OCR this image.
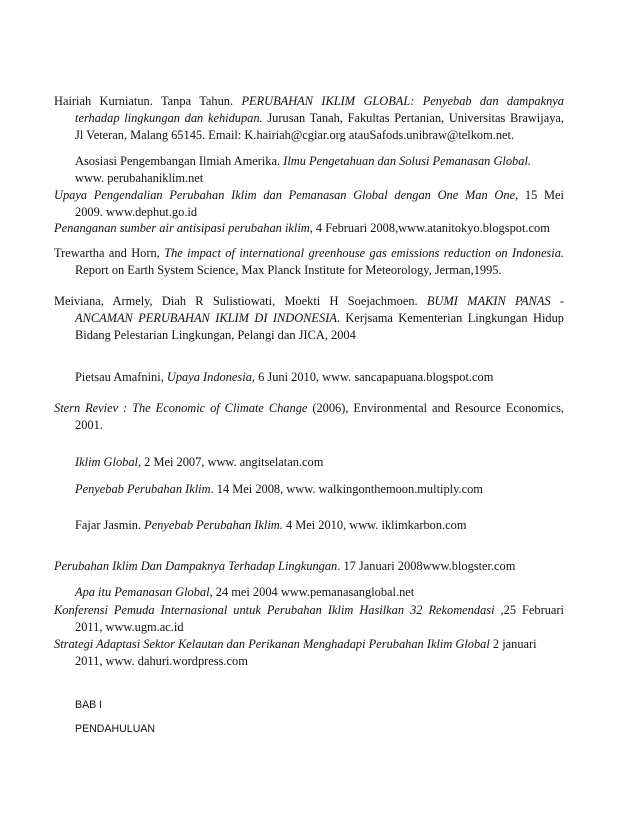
Hairiah Kurniatun. Tanpa Tahun. PERUBAHAN IKLIM GLOBAL: Penyebab dan dampaknya
terhadap lingkungan dan kehidupan. Jurusan Tanah, Fakultas Pertanian, Universitas Brawijaya,
Jl Veteran, Malang 65145. Email: K.hairiah@cgiar.org atauSafods.unibraw@telkom.net.
Asosiasi Pengembangan Ilmiah Amerika. Ilmu Pengetahuan dan Solusi Pemanasan Global.
www. perubahaniklim.net
Upaya Pengendalian Perubahan Iklim dan Pemanasan Global dengan One Man One, 15 Mei
2009. www.dephut.go.id
Penanganan sumber air antisipasi perubahan iklim, 4 Februari 2008,www.atanitokyo.blogspot.com
Trewartha and Horn, The impact of international greenhouse gas emissions reduction on Indonesia.
Report on Earth System Science, Max Planck Institute for Meteorology, Jerman,1995.
Meiviana, Armely, Diah R Sulistiowati, Moekti H Soejachmoen. BUMI MAKIN PANAS -
ANCAMAN PERUBAHAN IKLIM DI INDONESIA. Kerjsama Kementerian Lingkungan Hidup
Bidang Pelestarian Lingkungan, Pelangi dan JICA, 2004
Pietsau Amafnini, Upaya Indonesia, 6 Juni 2010, www. sancapapuana.blogspot.com
Stern Reviev : The Economic of Climate Change (2006), Environmental and Resource Economics,
2001.
Iklim Global, 2 Mei 2007, www. angitselatan.com
Penyebab Perubahan Iklim. 14 Mei 2008, www. walkingonthemoon.multiply.com
Fajar Jasmin. Penyebab Perubahan Iklim. 4 Mei 2010, www. iklimkarbon.com
Perubahan Iklim Dan Dampaknya Terhadap Lingkungan. 17 Januari 2008www.blogster.com
Apa itu Pemanasan Global, 24 mei 2004 www.pemanasanglobal.net
Konferensi Pemuda Internasional untuk Perubahan Iklim Hasilkan 32 Rekomendasi ,25 Februari
2011, www.ugm.ac.id
Strategi Adaptasi Sektor Kelautan dan Perikanan Menghadapi Perubahan Iklim Global 2 januari
2011, www. dahuri.wordpress.com
BAB I
PENDAHULUAN
